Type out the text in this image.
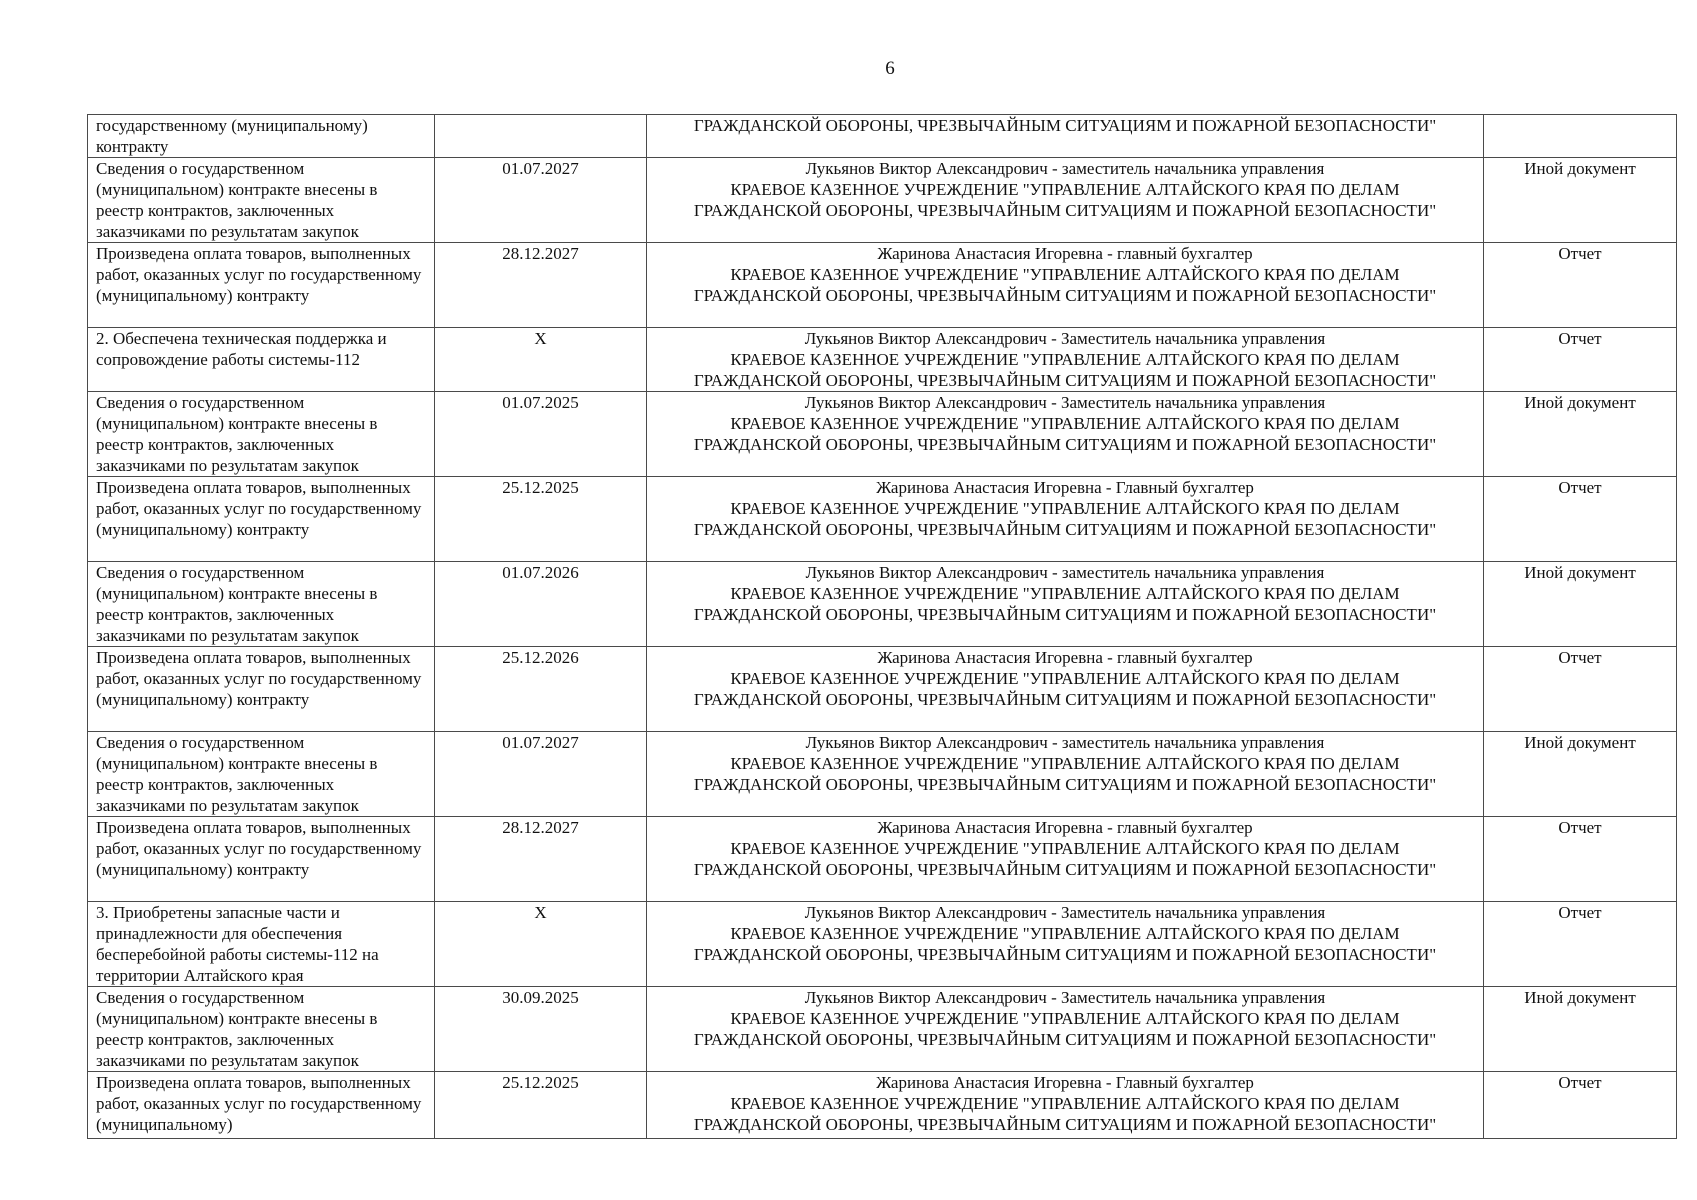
6
государственному (муниципальному) контракту		ГРАЖДАНСКОЙ ОБОРОНЫ, ЧРЕЗВЫЧАЙНЫМ СИТУАЦИЯМ И ПОЖАРНОЙ БЕЗОПАСНОСТИ"	

Сведения о государственном (муниципальном) контракте внесены в реестр контрактов, заключенных заказчиками по результатам закупок	01.07.2027	Лукьянов Виктор Александрович - заместитель начальника управления
КРАЕВОЕ КАЗЕННОЕ УЧРЕЖДЕНИЕ "УПРАВЛЕНИЕ АЛТАЙСКОГО КРАЯ ПО ДЕЛАМ
ГРАЖДАНСКОЙ ОБОРОНЫ, ЧРЕЗВЫЧАЙНЫМ СИТУАЦИЯМ И ПОЖАРНОЙ БЕЗОПАСНОСТИ"	Иной документ
Произведена оплата товаров, выполненных работ, оказанных услуг по государственному (муниципальному) контракту	28.12.2027	Жаринова Анастасия Игоревна - главный бухгалтер
КРАЕВОЕ КАЗЕННОЕ УЧРЕЖДЕНИЕ "УПРАВЛЕНИЕ АЛТАЙСКОГО КРАЯ ПО ДЕЛАМ
ГРАЖДАНСКОЙ ОБОРОНЫ, ЧРЕЗВЫЧАЙНЫМ СИТУАЦИЯМ И ПОЖАРНОЙ БЕЗОПАСНОСТИ"	Отчет
2. Обеспечена техническая поддержка и сопровождение работы системы-112	X	Лукьянов Виктор Александрович - Заместитель начальника управления
КРАЕВОЕ КАЗЕННОЕ УЧРЕЖДЕНИЕ "УПРАВЛЕНИЕ АЛТАЙСКОГО КРАЯ ПО ДЕЛАМ
ГРАЖДАНСКОЙ ОБОРОНЫ, ЧРЕЗВЫЧАЙНЫМ СИТУАЦИЯМ И ПОЖАРНОЙ БЕЗОПАСНОСТИ"	Отчет
Сведения о государственном (муниципальном) контракте внесены в реестр контрактов, заключенных заказчиками по результатам закупок	01.07.2025	Лукьянов Виктор Александрович - Заместитель начальника управления
КРАЕВОЕ КАЗЕННОЕ УЧРЕЖДЕНИЕ "УПРАВЛЕНИЕ АЛТАЙСКОГО КРАЯ ПО ДЕЛАМ
ГРАЖДАНСКОЙ ОБОРОНЫ, ЧРЕЗВЫЧАЙНЫМ СИТУАЦИЯМ И ПОЖАРНОЙ БЕЗОПАСНОСТИ"	Иной документ
Произведена оплата товаров, выполненных работ, оказанных услуг по государственному (муниципальному) контракту	25.12.2025	Жаринова Анастасия Игоревна - Главный бухгалтер
КРАЕВОЕ КАЗЕННОЕ УЧРЕЖДЕНИЕ "УПРАВЛЕНИЕ АЛТАЙСКОГО КРАЯ ПО ДЕЛАМ
ГРАЖДАНСКОЙ ОБОРОНЫ, ЧРЕЗВЫЧАЙНЫМ СИТУАЦИЯМ И ПОЖАРНОЙ БЕЗОПАСНОСТИ"	Отчет
Сведения о государственном (муниципальном) контракте внесены в реестр контрактов, заключенных заказчиками по результатам закупок	01.07.2026	Лукьянов Виктор Александрович - заместитель начальника управления
КРАЕВОЕ КАЗЕННОЕ УЧРЕЖДЕНИЕ "УПРАВЛЕНИЕ АЛТАЙСКОГО КРАЯ ПО ДЕЛАМ
ГРАЖДАНСКОЙ ОБОРОНЫ, ЧРЕЗВЫЧАЙНЫМ СИТУАЦИЯМ И ПОЖАРНОЙ БЕЗОПАСНОСТИ"	Иной документ
Произведена оплата товаров, выполненных работ, оказанных услуг по государственному (муниципальному) контракту	25.12.2026	Жаринова Анастасия Игоревна - главный бухгалтер
КРАЕВОЕ КАЗЕННОЕ УЧРЕЖДЕНИЕ "УПРАВЛЕНИЕ АЛТАЙСКОГО КРАЯ ПО ДЕЛАМ
ГРАЖДАНСКОЙ ОБОРОНЫ, ЧРЕЗВЫЧАЙНЫМ СИТУАЦИЯМ И ПОЖАРНОЙ БЕЗОПАСНОСТИ"	Отчет
Сведения о государственном (муниципальном) контракте внесены в реестр контрактов, заключенных заказчиками по результатам закупок	01.07.2027	Лукьянов Виктор Александрович - заместитель начальника управления
КРАЕВОЕ КАЗЕННОЕ УЧРЕЖДЕНИЕ "УПРАВЛЕНИЕ АЛТАЙСКОГО КРАЯ ПО ДЕЛАМ
ГРАЖДАНСКОЙ ОБОРОНЫ, ЧРЕЗВЫЧАЙНЫМ СИТУАЦИЯМ И ПОЖАРНОЙ БЕЗОПАСНОСТИ"	Иной документ
Произведена оплата товаров, выполненных работ, оказанных услуг по государственному (муниципальному) контракту	28.12.2027	Жаринова Анастасия Игоревна - главный бухгалтер
КРАЕВОЕ КАЗЕННОЕ УЧРЕЖДЕНИЕ "УПРАВЛЕНИЕ АЛТАЙСКОГО КРАЯ ПО ДЕЛАМ
ГРАЖДАНСКОЙ ОБОРОНЫ, ЧРЕЗВЫЧАЙНЫМ СИТУАЦИЯМ И ПОЖАРНОЙ БЕЗОПАСНОСТИ"	Отчет
3. Приобретены запасные части и принадлежности для обеспечения бесперебойной работы системы-112 на территории Алтайского края	X	Лукьянов Виктор Александрович - Заместитель начальника управления
КРАЕВОЕ КАЗЕННОЕ УЧРЕЖДЕНИЕ "УПРАВЛЕНИЕ АЛТАЙСКОГО КРАЯ ПО ДЕЛАМ
ГРАЖДАНСКОЙ ОБОРОНЫ, ЧРЕЗВЫЧАЙНЫМ СИТУАЦИЯМ И ПОЖАРНОЙ БЕЗОПАСНОСТИ"	Отчет
Сведения о государственном (муниципальном) контракте внесены в реестр контрактов, заключенных заказчиками по результатам закупок	30.09.2025	Лукьянов Виктор Александрович - Заместитель начальника управления
КРАЕВОЕ КАЗЕННОЕ УЧРЕЖДЕНИЕ "УПРАВЛЕНИЕ АЛТАЙСКОГО КРАЯ ПО ДЕЛАМ
ГРАЖДАНСКОЙ ОБОРОНЫ, ЧРЕЗВЫЧАЙНЫМ СИТУАЦИЯМ И ПОЖАРНОЙ БЕЗОПАСНОСТИ"	Иной документ
Произведена оплата товаров, выполненных работ, оказанных услуг по государственному (муниципальному)	25.12.2025	Жаринова Анастасия Игоревна - Главный бухгалтер
КРАЕВОЕ КАЗЕННОЕ УЧРЕЖДЕНИЕ "УПРАВЛЕНИЕ АЛТАЙСКОГО КРАЯ ПО ДЕЛАМ
ГРАЖДАНСКОЙ ОБОРОНЫ, ЧРЕЗВЫЧАЙНЫМ СИТУАЦИЯМ И ПОЖАРНОЙ БЕЗОПАСНОСТИ"	Отчет
